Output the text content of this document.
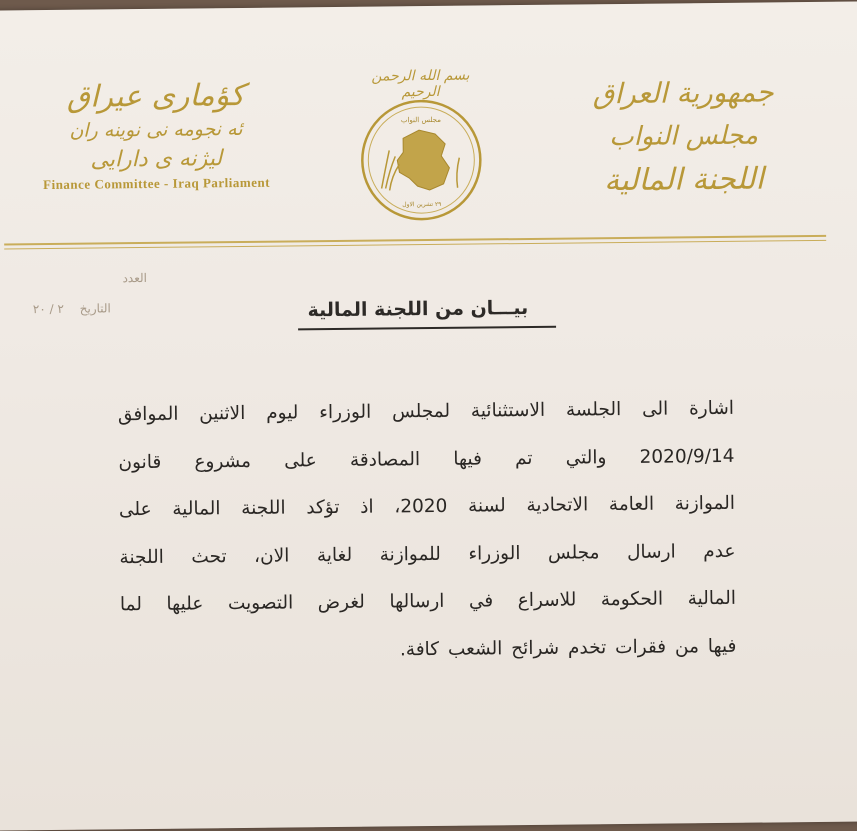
جمهورية العراق
مجلس النواب
اللجنة المالية
بسم الله الرحمن الرحيم
مجلس النواب
٢٩ تشرين الاول
كؤمارى عيراق
ئه نجومه نى نوينه ران
ليژنه ى دارايى
Finance Committee - Iraq Parliament
العدد
التاريخ ٢ / ٢٠	بيـــان من اللجنة المالية
اشارة الى الجلسة الاستثنائية لمجلس الوزراء ليوم الاثنين الموافق
2020/9/14 والتي تم فيها المصادقة على مشروع قانون
الموازنة العامة الاتحادية لسنة 2020، اذ تؤكد اللجنة المالية على
عدم ارسال مجلس الوزراء للموازنة لغاية الان، تحث اللجنة
المالية الحكومة للاسراع في ارسالها لغرض التصويت عليها لما
فيها من فقرات تخدم شرائح الشعب كافة.
